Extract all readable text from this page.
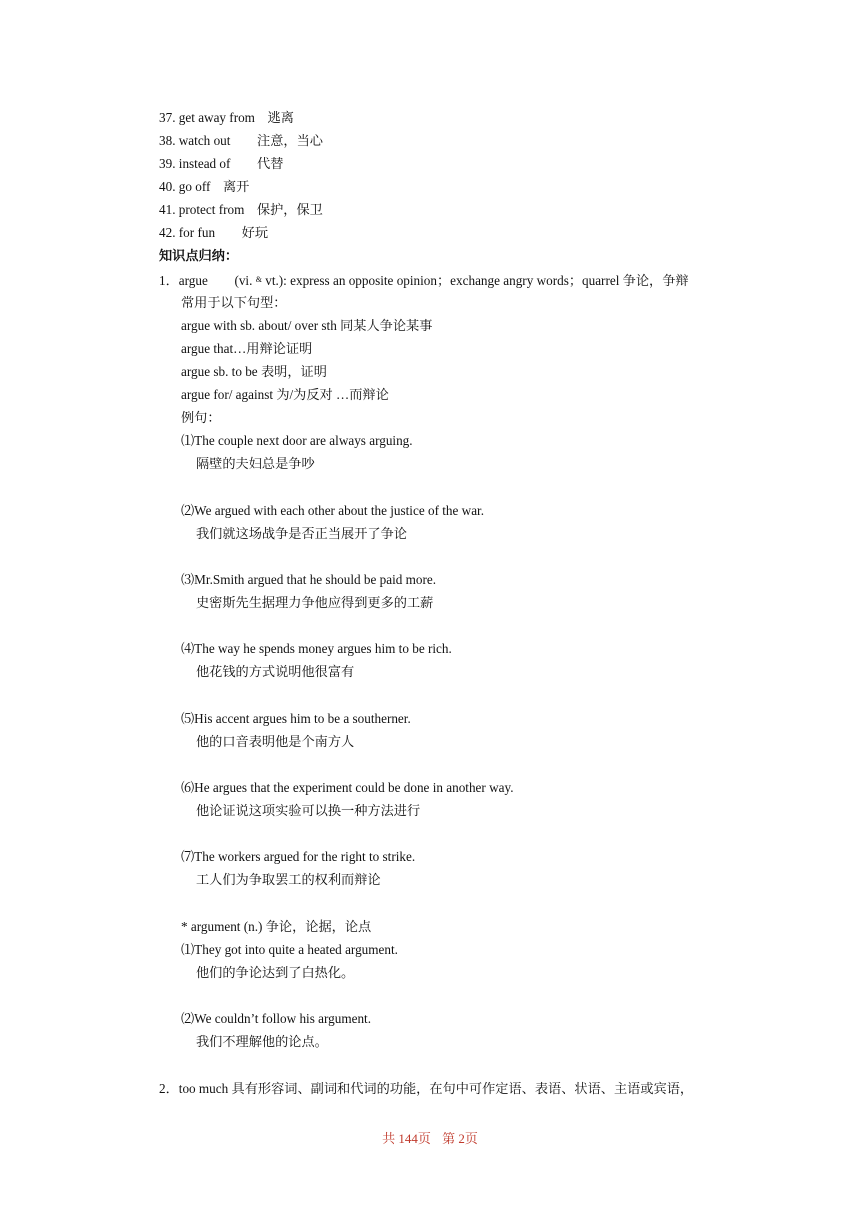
37. get away from 逃离
38. watch out 注意，当心
39. instead of 代替
40. go off 离开
41. protect from 保护，保卫
42. for fun 好玩
知识点归纳：
1．argue (vi. & vt.): express an opposite opinion；exchange angry words；quarrel 争论，争辩
常用于以下句型：
argue with sb. about/ over sth 同某人争论某事
argue that…用辩论证明
argue sb. to be 表明，证明
argue for/ against 为/为反对 …而辩论
例句：
⑴The couple next door are always arguing.
隔壁的夫妇总是争吵
⑵We argued with each other about the justice of the war.
我们就这场战争是否正当展开了争论
⑶Mr.Smith argued that he should be paid more.
史密斯先生据理力争他应得到更多的工薪
⑷The way he spends money argues him to be rich.
他花钱的方式说明他很富有
⑸His accent argues him to be a southerner.
他的口音表明他是个南方人
⑹He argues that the experiment could be done in another way.
他论证说这项实验可以换一种方法进行
⑺The workers argued for the right to strike.
工人们为争取罢工的权利而辩论
* argument (n.) 争论，论据，论点
⑴They got into quite a heated argument.
他们的争论达到了白热化。
⑵We couldn’t follow his argument.
我们不理解他的论点。
2．too much 具有形容词、副词和代词的功能，在句中可作定语、表语、状语、主语或宾语，
共 144页 第 2页
